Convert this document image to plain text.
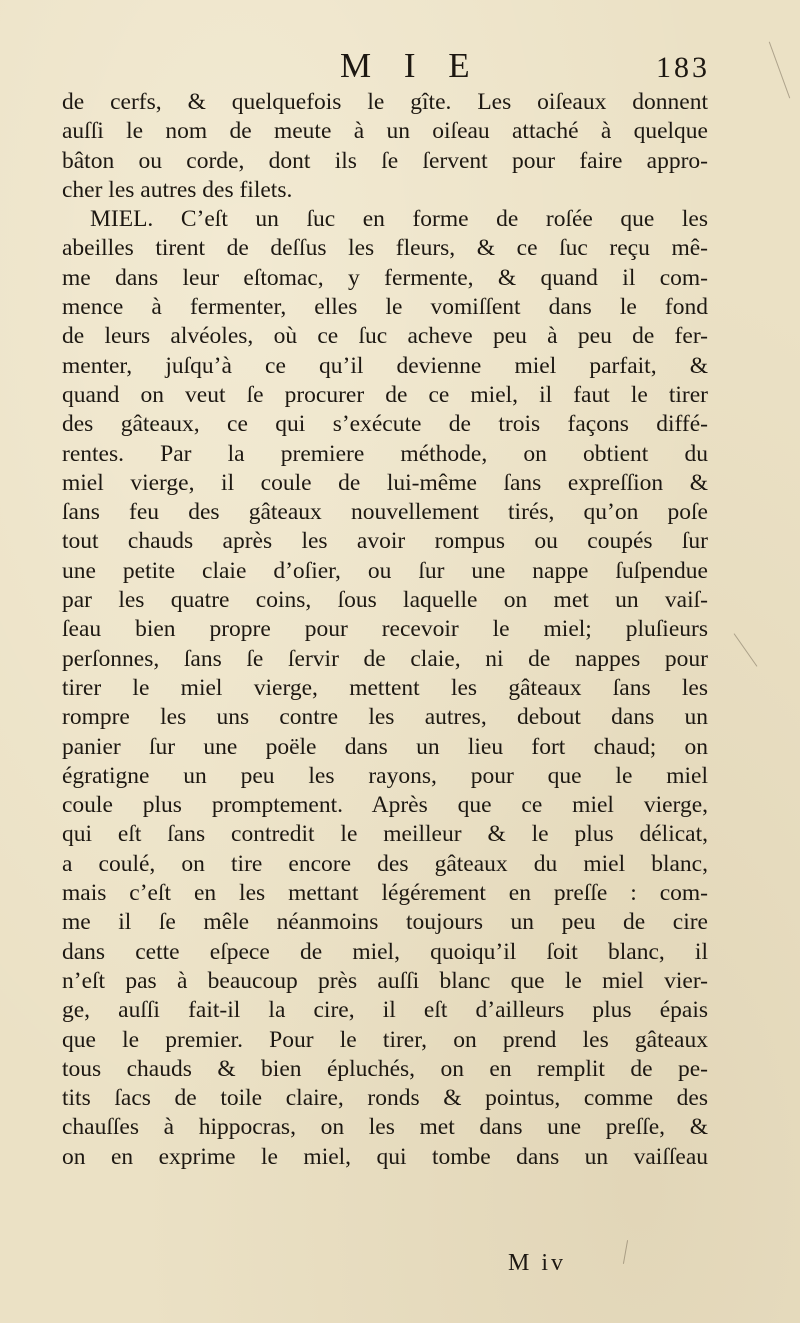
M I E	183
de cerfs, & quelquefois le gîte. Les oiſeaux donnent
auſſi le nom de meute à un oiſeau attaché à quelque
bâton ou corde, dont ils ſe ſervent pour faire appro-
cher les autres des filets.
MIEL. C’eſt un ſuc en forme de roſée que les
abeilles tirent de deſſus les fleurs, & ce ſuc reçu mê-
me dans leur eſtomac, y fermente, & quand il com-
mence à fermenter, elles le vomiſſent dans le fond
de leurs alvéoles, où ce ſuc acheve peu à peu de fer-
menter, juſqu’à ce qu’il devienne miel parfait, &
quand on veut ſe procurer de ce miel, il faut le tirer
des gâteaux, ce qui s’exécute de trois façons diffé-
rentes. Par la premiere méthode, on obtient du
miel vierge, il coule de lui-même ſans expreſſion &
ſans feu des gâteaux nouvellement tirés, qu’on poſe
tout chauds après les avoir rompus ou coupés ſur
une petite claie d’oſier, ou ſur une nappe ſuſpendue
par les quatre coins, ſous laquelle on met un vaiſ-
ſeau bien propre pour recevoir le miel; pluſieurs
perſonnes, ſans ſe ſervir de claie, ni de nappes pour
tirer le miel vierge, mettent les gâteaux ſans les
rompre les uns contre les autres, debout dans un
panier ſur une poële dans un lieu fort chaud; on
égratigne un peu les rayons, pour que le miel
coule plus promptement. Après que ce miel vierge,
qui eſt ſans contredit le meilleur & le plus délicat,
a coulé, on tire encore des gâteaux du miel blanc,
mais c’eſt en les mettant légérement en preſſe : com-
me il ſe mêle néanmoins toujours un peu de cire
dans cette eſpece de miel, quoiqu’il ſoit blanc, il
n’eſt pas à beaucoup près auſſi blanc que le miel vier-
ge, auſſi fait-il la cire, il eſt d’ailleurs plus épais
que le premier. Pour le tirer, on prend les gâteaux
tous chauds & bien épluchés, on en remplit de pe-
tits ſacs de toile claire, ronds & pointus, comme des
chauſſes à hippocras, on les met dans une preſſe, &
on en exprime le miel, qui tombe dans un vaiſſeau
M iv
